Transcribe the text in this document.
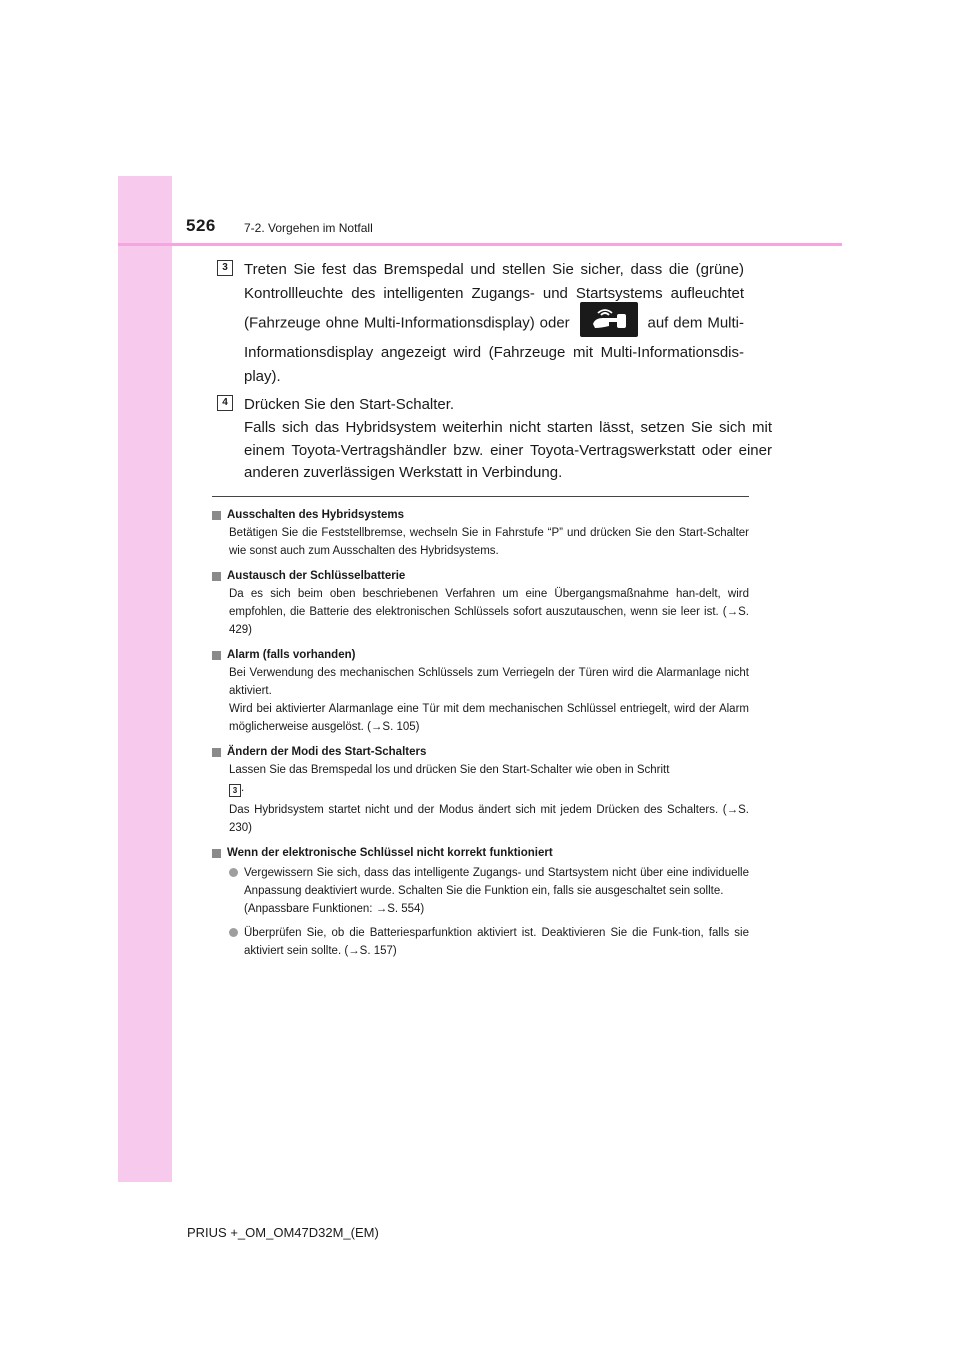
526 7-2. Vorgehen im Notfall
3	Treten Sie fest das Bremspedal und stellen Sie sicher, dass die (grüne) Kontrollleuchte des intelligenten Zugangs- und Startsystems aufleuchtet (Fahrzeuge ohne Multi-Informationsdisplay) oder	auf dem Multi-Informationsdisplay angezeigt wird (Fahrzeuge mit Multi-Informationsdis-play).
4	Drücken Sie den Start-Schalter.
Falls sich das Hybridsystem weiterhin nicht starten lässt, setzen Sie sich mit einem Toyota-Vertragshändler bzw. einer Toyota-Vertragswerkstatt oder einer anderen zuverlässigen Werkstatt in Verbindung.
Ausschalten des Hybridsystems
Betätigen Sie die Feststellbremse, wechseln Sie in Fahrstufe “P” und drücken Sie den Start-Schalter wie sonst auch zum Ausschalten des Hybridsystems.
Austausch der Schlüsselbatterie
Da es sich beim oben beschriebenen Verfahren um eine Übergangsmaßnahme han-delt, wird empfohlen, die Batterie des elektronischen Schlüssels sofort auszutauschen, wenn sie leer ist. (→S. 429)
Alarm (falls vorhanden)
Bei Verwendung des mechanischen Schlüssels zum Verriegeln der Türen wird die Alarmanlage nicht aktiviert.
Wird bei aktivierter Alarmanlage eine Tür mit dem mechanischen Schlüssel entriegelt, wird der Alarm möglicherweise ausgelöst. (→S. 105)
Ändern der Modi des Start-Schalters
Lassen Sie das Bremspedal los und drücken Sie den Start-Schalter wie oben in Schritt
3 .
Das Hybridsystem startet nicht und der Modus ändert sich mit jedem Drücken des Schalters. (→S. 230)
Wenn der elektronische Schlüssel nicht korrekt funktioniert
Vergewissern Sie sich, dass das intelligente Zugangs- und Startsystem nicht über eine individuelle Anpassung deaktiviert wurde. Schalten Sie die Funktion ein, falls sie ausgeschaltet sein sollte.
(Anpassbare Funktionen: →S. 554)
Überprüfen Sie, ob die Batteriesparfunktion aktiviert ist. Deaktivieren Sie die Funk-tion, falls sie aktiviert sein sollte. (→S. 157)
PRIUS +_OM_OM47D32M_(EM)
